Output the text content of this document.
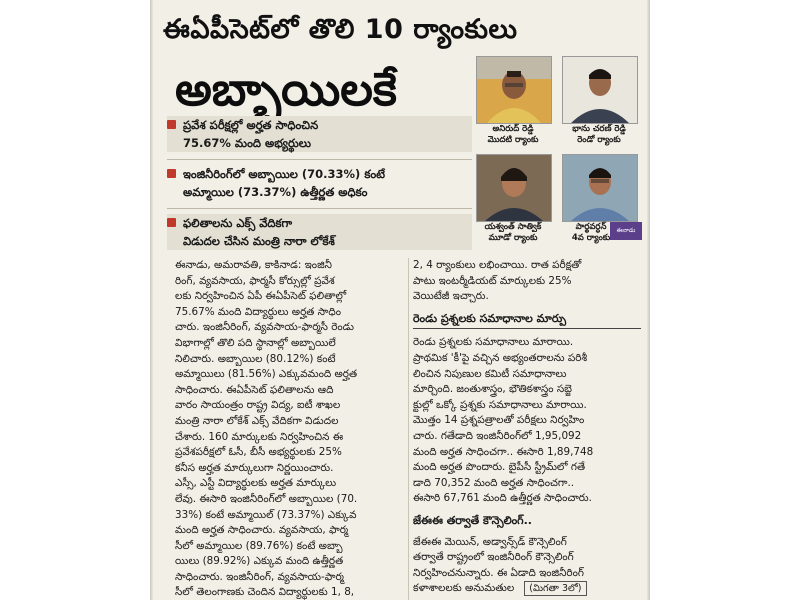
ఈఏపీసెట్‌లో తొలి 10 ర్యాంకులు
అబ్బాయిలకే
ప్రవేశ పరీక్షల్లో అర్హత సాధించిన
75.67% మంది అభ్యర్థులు
ఇంజినీరింగ్‌లో అబ్బాయిల (70.33%) కంటే
అమ్మాయిల (73.37%) ఉత్తీర్ణత అధికం
ఫలితాలను ఎక్స్ వేదికగా
విడుదల చేసిన మంత్రి నారా లోకేశ్
అనిరుద్ రెడ్డి
మొదటి ర్యాంకు
భాను చరణ్ రెడ్డి
రెండో ర్యాంకు
యశ్వంత్ సాత్విక్
మూడో ర్యాంకు
పార్థవర్ధన్
4వ ర్యాంకు
ఈనాడు
ఈనాడు, అమరావతి, కాకినాడ: ఇంజినీ
రింగ్, వ్యవసాయ, ఫార్మసీ కోర్సుల్లో ప్రవేశ
లకు నిర్వహించిన ఏపీ ఈఏపీసెట్ ఫలితాల్లో
75.67% మంది విద్యార్థులు అర్హత సాధిం
చారు. ఇంజినీరింగ్, వ్యవసాయ-ఫార్మసీ రెండు
విభాగాల్లో తొలి పది స్థానాల్లో అబ్బాయిలే
నిలిచారు. అబ్బాయిల (80.12%) కంటే
అమ్మాయిలు (81.56%) ఎక్కువమంది అర్హత
సాధించారు. ఈఏపీసెట్ ఫలితాలను ఆది
వారం సాయంత్రం రాష్ట్ర విద్య, ఐటీ శాఖల
మంత్రి నారా లోకేశ్ ఎక్స్ వేదికగా విడుదల
చేశారు. 160 మార్కులకు నిర్వహించిన ఈ
ప్రవేశపరీక్షలో ఓసీ, బీసీ అభ్యర్థులకు 25%
కనీస అర్హత మార్కులుగా నిర్ణయించారు.
ఎస్సీ, ఎస్టీ విద్యార్థులకు అర్హత మార్కులు
లేవు. ఈసారి ఇంజినీరింగ్‌లో అబ్బాయిల (70.
33%) కంటే అమ్మాయిల్ (73.37%) ఎక్కువ
మంది అర్హత సాధించారు. వ్యవసాయ, ఫార్మ
సీలో అమ్మాయిల (89.76%) కంటే అబ్బా
యిలు (89.92%) ఎక్కువ మంది ఉత్తీర్ణత
సాధించారు. ఇంజినీరింగ్, వ్యవసాయ-ఫార్మ
సీలో తెలంగాణకు చెందిన విద్యార్థులకు 1, 8,
2, 4 ర్యాంకులు లభించాయి. రాత పరీక్షతో
పాటు ఇంటర్మీడియట్ మార్కులకు 25%
వెయిటేజీ ఇచ్చారు.
రెండు ప్రశ్నలకు సమాధానాల మార్పు
రెండు ప్రశ్నలకు సమాధానాలు మారాయి.
ప్రాథమిక 'కీ'పై వచ్చిన అభ్యంతరాలను పరిశీ
లించిన నిపుణుల కమిటీ సమాధానాలు
మార్చింది. జంతుశాస్త్రం, భౌతికశాస్త్రం సబ్జె
క్టుల్లో ఒక్కో ప్రశ్నకు సమాధానాలు మారాయి.
మొత్తం 14 ప్రశ్నపత్రాలతో పరీక్షలు నిర్వహిం
చారు. గతేడాది ఇంజినీరింగ్‌లో 1,95,092
మంది అర్హత సాధించగా.. ఈసారి 1,89,748
మంది అర్హత పొందారు. బైపీసీ స్ట్రీమ్‌లో గతే
డాది 70,352 మంది అర్హత సాధించగా..
ఈసారి 67,761 మంది ఉత్తీర్ణత సాధించారు.
జేఈఈ తర్వాతే కౌన్సెలింగ్..
జేఈఈ మెయిన్, అడ్వాన్స్‌డ్ కౌన్సెలింగ్
తర్వాతే రాష్ట్రంలో ఇంజినీరింగ్ కౌన్సెలింగ్
నిర్వహించనున్నారు. ఈ ఏడాది ఇంజినీరింగ్
కళాశాలలకు అనుమతుల (మిగతా 3లో)
